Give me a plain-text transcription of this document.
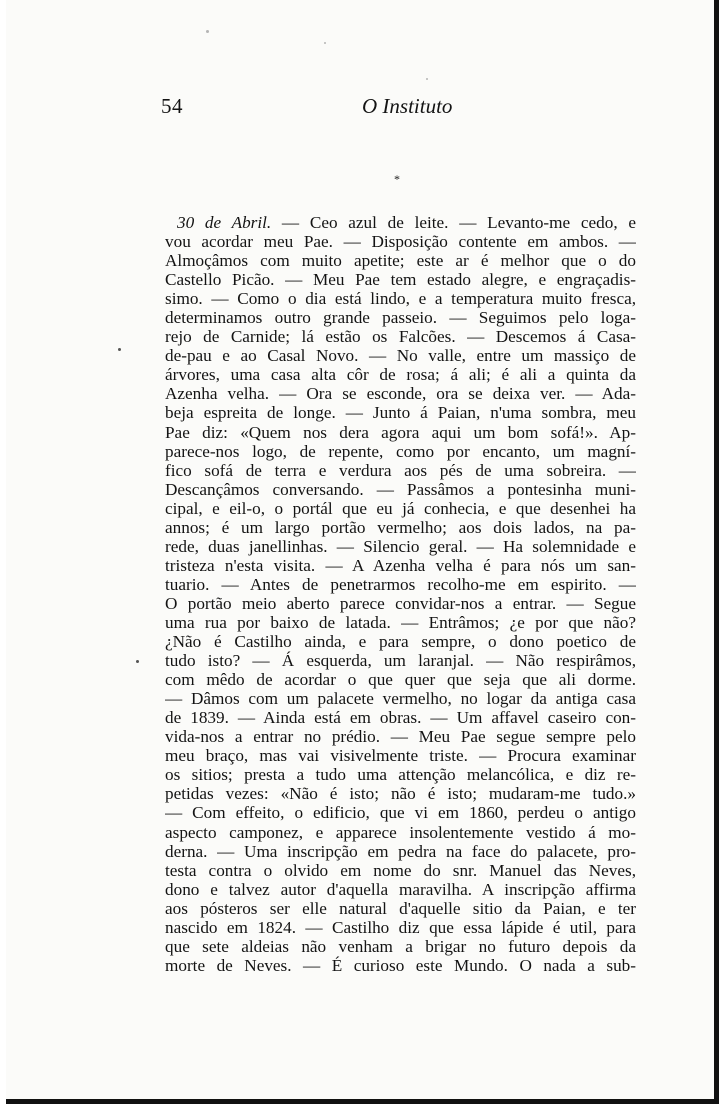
54	O Instituto
*
30 de Abril. — Ceo azul de leite. — Levanto-me cedo, e
vou acordar meu Pae. — Disposição contente em ambos. —
Almoçâmos com muito apetite; este ar é melhor que o do
Castello Picão. — Meu Pae tem estado alegre, e engraçadis-
simo. — Como o dia está lindo, e a temperatura muito fresca,
determinamos outro grande passeio. — Seguimos pelo loga-
rejo de Carnide; lá estão os Falcões. — Descemos á Casa-
de-pau e ao Casal Novo. — No valle, entre um massiço de
árvores, uma casa alta côr de rosa; á ali; é ali a quinta da
Azenha velha. — Ora se esconde, ora se deixa ver. — Ada-
beja espreita de longe. — Junto á Paian, n'uma sombra, meu
Pae diz: «Quem nos dera agora aqui um bom sofá!». Ap-
parece-nos logo, de repente, como por encanto, um magní-
fico sofá de terra e verdura aos pés de uma sobreira. —
Descançâmos conversando. — Passâmos a pontesinha muni-
cipal, e eil-o, o portál que eu já conhecia, e que desenhei ha
annos; é um largo portão vermelho; aos dois lados, na pa-
rede, duas janellinhas. — Silencio geral. — Ha solemnidade e
tristeza n'esta visita. — A Azenha velha é para nós um san-
tuario. — Antes de penetrarmos recolho-me em espirito. —
O portão meio aberto parece convidar-nos a entrar. — Segue
uma rua por baixo de latada. — Entrâmos; ¿e por que não?
¿Não é Castilho ainda, e para sempre, o dono poetico de
tudo isto? — Á esquerda, um laranjal. — Não respirâmos,
com mêdo de acordar o que quer que seja que ali dorme.
— Dâmos com um palacete vermelho, no logar da antiga casa
de 1839. — Ainda está em obras. — Um affavel caseiro con-
vida-nos a entrar no prédio. — Meu Pae segue sempre pelo
meu braço, mas vai visivelmente triste. — Procura examinar
os sitios; presta a tudo uma attenção melancólica, e diz re-
petidas vezes: «Não é isto; não é isto; mudaram-me tudo.»
— Com effeito, o edificio, que vi em 1860, perdeu o antigo
aspecto camponez, e apparece insolentemente vestido á mo-
derna. — Uma inscripção em pedra na face do palacete, pro-
testa contra o olvido em nome do snr. Manuel das Neves,
dono e talvez autor d'aquella maravilha. A inscripção affirma
aos pósteros ser elle natural d'aquelle sitio da Paian, e ter
nascido em 1824. — Castilho diz que essa lápide é util, para
que sete aldeias não venham a brigar no futuro depois da
morte de Neves. — É curioso este Mundo. O nada a sub-
